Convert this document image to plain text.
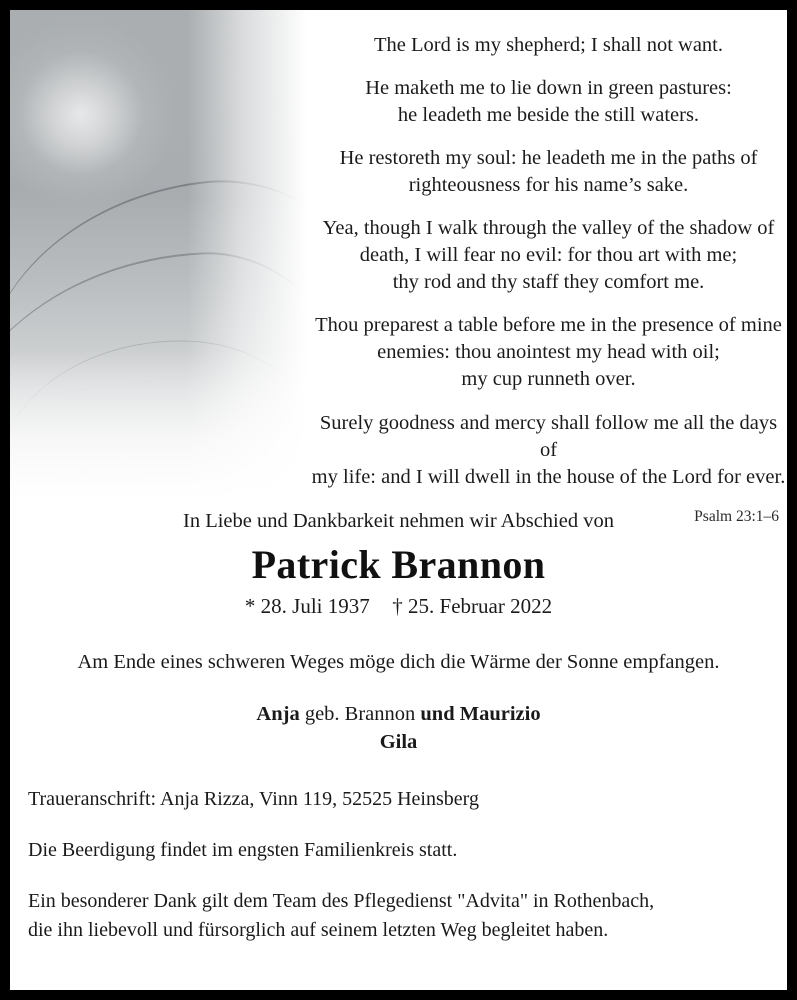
The Lord is my shepherd; I shall not want.

He maketh me to lie down in green pastures:
he leadeth me beside the still waters.

He restoreth my soul: he leadeth me in the paths of
righteousness for his name’s sake.

Yea, though I walk through the valley of the shadow of
death, I will fear no evil: for thou art with me;
thy rod and thy staff they comfort me.

Thou preparest a table before me in the presence of mine
enemies: thou anointest my head with oil;
my cup runneth over.

Surely goodness and mercy shall follow me all the days of
my life: and I will dwell in the house of the Lord for ever.

Psalm 23:1–6

In Liebe und Dankbarkeit nehmen wir Abschied von

Patrick Brannon

* 28. Juli 1937 † 25. Februar 2022

Am Ende eines schweren Weges möge dich die Wärme der Sonne empfangen.

Anja geb. Brannon und Maurizio
Gila

Traueranschrift: Anja Rizza, Vinn 119, 52525 Heinsberg

Die Beerdigung findet im engsten Familienkreis statt.

Ein besonderer Dank gilt dem Team des Pflegedienst "Advita" in Rothenbach,
die ihn liebevoll und fürsorglich auf seinem letzten Weg begleitet haben.
